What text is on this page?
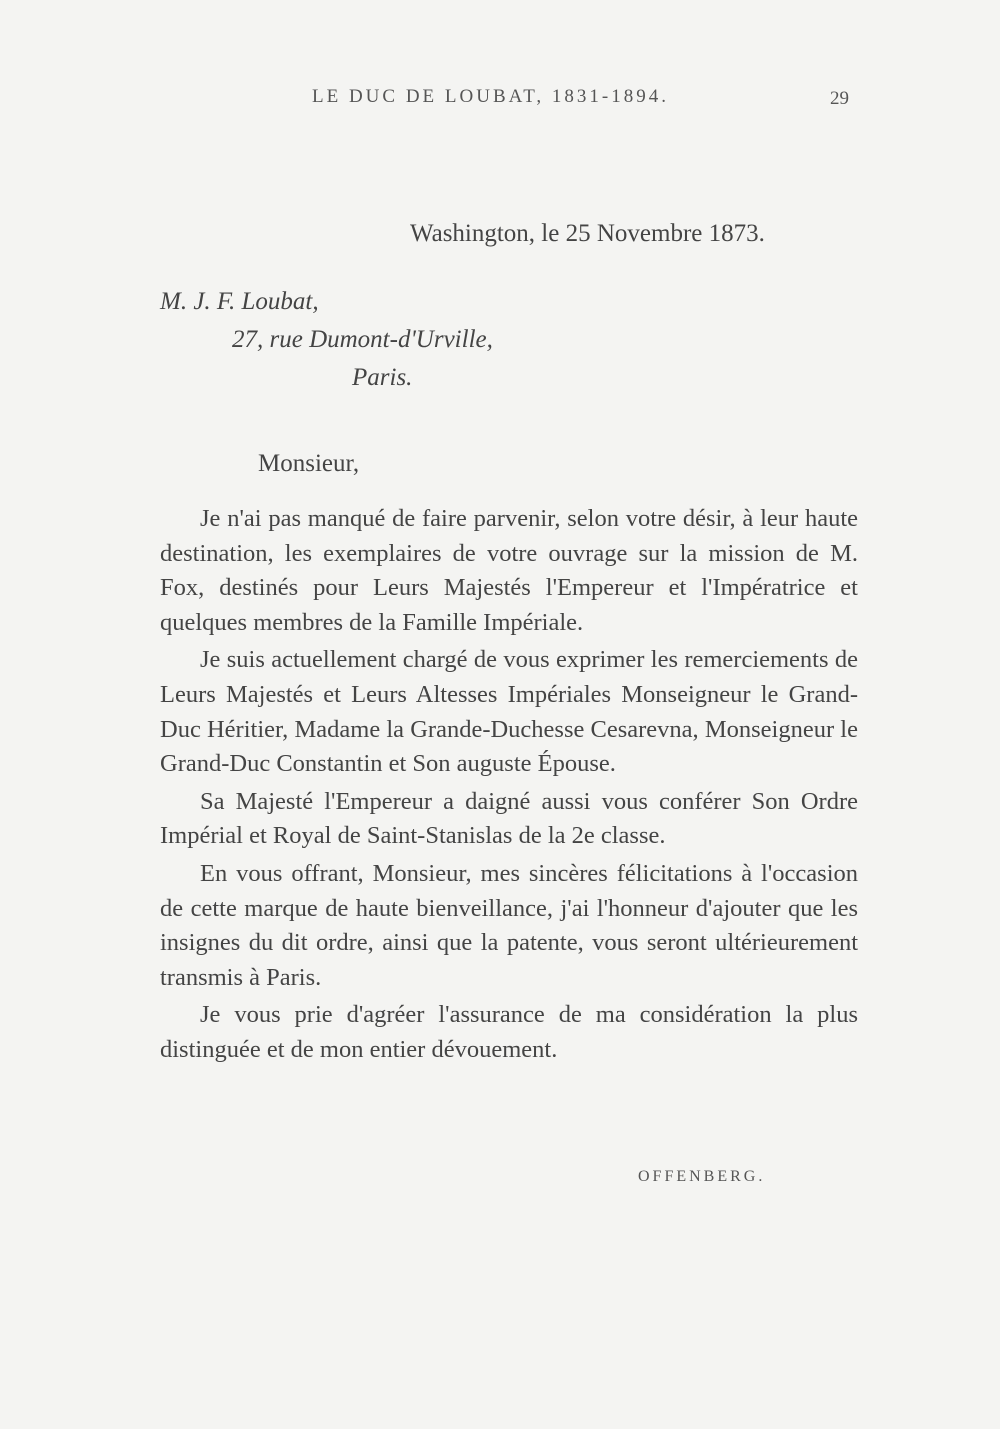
LE DUC DE LOUBAT, 1831-1894.	29
Washington, le 25 Novembre 1873.
M. J. F. Loubat,
27, rue Dumont-d'Urville,
Paris.
Monsieur,

Je n'ai pas manqué de faire parvenir, selon votre désir, à leur haute destination, les exemplaires de votre ouvrage sur la mission de M. Fox, destinés pour Leurs Majestés l'Empereur et l'Impératrice et quelques membres de la Famille Impériale.

Je suis actuellement chargé de vous exprimer les remerciements de Leurs Majestés et Leurs Altesses Impériales Monseigneur le Grand-Duc Héritier, Madame la Grande-Duchesse Cesarevna, Monseigneur le Grand-Duc Constantin et Son auguste Épouse.

Sa Majesté l'Empereur a daigné aussi vous conférer Son Ordre Impérial et Royal de Saint-Stanislas de la 2e classe.

En vous offrant, Monsieur, mes sincères félicitations à l'occasion de cette marque de haute bienveillance, j'ai l'honneur d'ajouter que les insignes du dit ordre, ainsi que la patente, vous seront ultérieurement transmis à Paris.

Je vous prie d'agréer l'assurance de ma considération la plus distinguée et de mon entier dévouement.

OFFENBERG.
